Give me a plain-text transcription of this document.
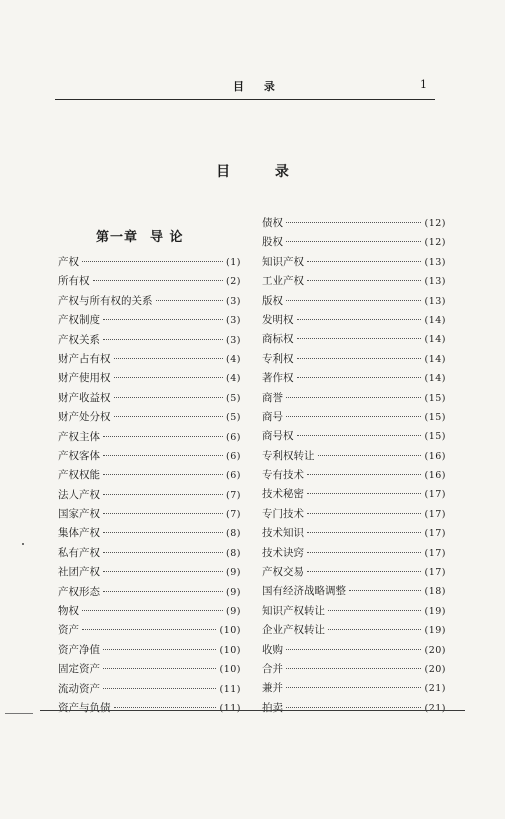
目 录	1
目 录
第一章 导 论
产权	(1)
所有权	(2)
产权与所有权的关系	(3)
产权制度	(3)
产权关系	(3)
财产占有权	(4)
财产使用权	(4)
财产收益权	(5)
财产处分权	(5)
产权主体	(6)
产权客体	(6)
产权权能	(6)
法人产权	(7)
国家产权	(7)
集体产权	(8)
私有产权	(8)
社团产权	(9)
产权形态	(9)
物权	(9)
资产	(10)
资产净值	(10)
固定资产	(10)
流动资产	(11)
资产与负债	(11)
债权	(12)
股权	(12)
知识产权	(13)
工业产权	(13)
版权	(13)
发明权	(14)
商标权	(14)
专利权	(14)
著作权	(14)
商誉	(15)
商号	(15)
商号权	(15)
专利权转让	(16)
专有技术	(16)
技术秘密	(17)
专门技术	(17)
技术知识	(17)
技术诀窍	(17)
产权交易	(17)
国有经济战略调整	(18)
知识产权转让	(19)
企业产权转让	(19)
收购	(20)
合并	(20)
兼并	(21)
拍卖	(21)
